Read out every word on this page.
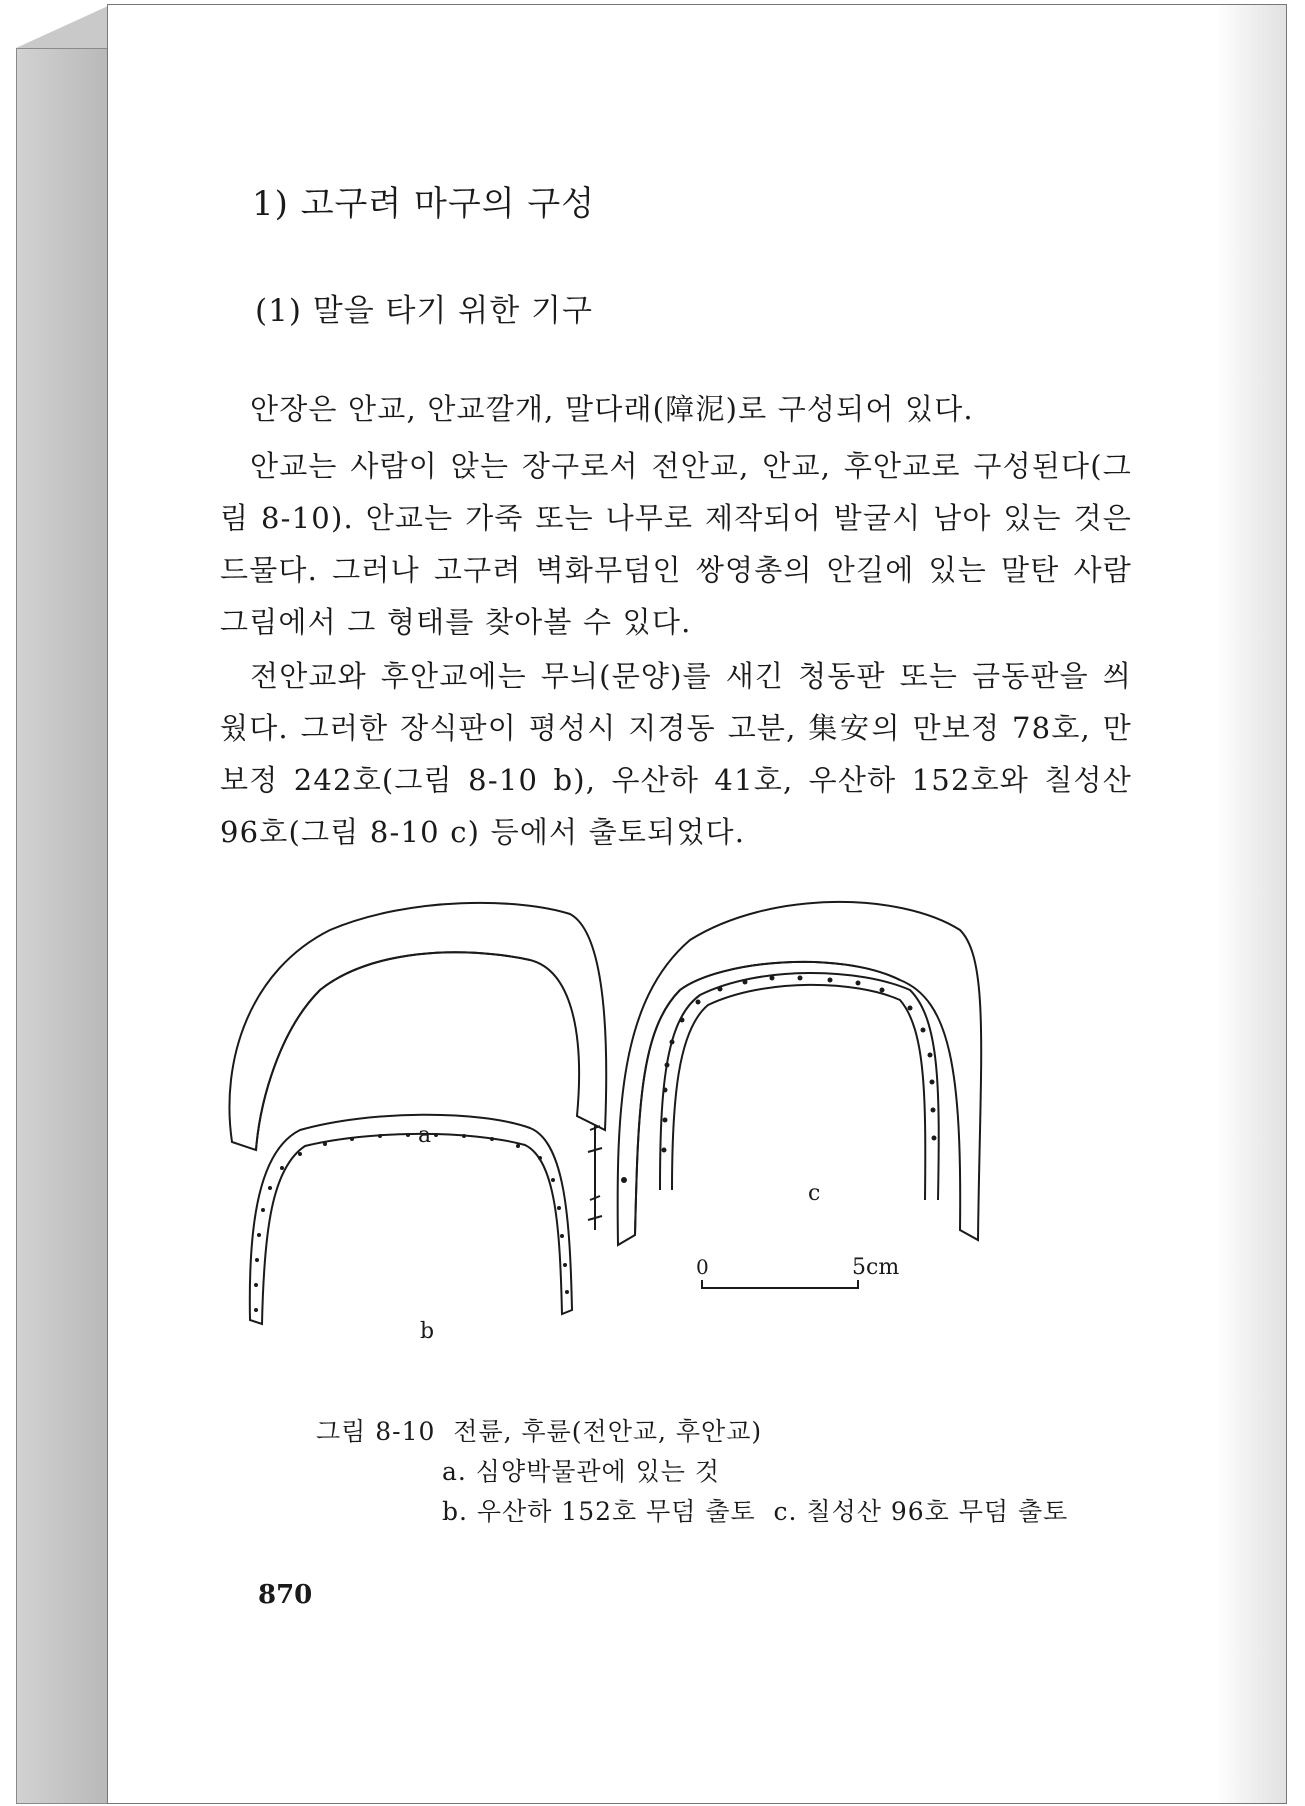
1) 고구려 마구의 구성
(1) 말을 타기 위한 기구

안장은 안교, 안교깔개, 말다래(障泥)로 구성되어 있다.

안교는 사람이 앉는 장구로서 전안교, 안교, 후안교로 구성된다(그림 8-10). 안교는 가죽 또는 나무로 제작되어 발굴시 남아 있는 것은 드물다. 그러나 고구려 벽화무덤인 쌍영총의 안길에 있는 말탄 사람 그림에서 그 형태를 찾아볼 수 있다.

전안교와 후안교에는 무늬(문양)를 새긴 청동판 또는 금동판을 씌웠다. 그러한 장식판이 평성시 지경동 고분, 集安의 만보정 78호, 만보정 242호(그림 8-10 b), 우산하 41호, 우산하 152호와 칠성산 96호(그림 8-10 c) 등에서 출토되었다.

a
b
c
0	5cm
그림 8-10  전륜, 후륜(전안교, 후안교)
a. 심양박물관에 있는 것
b. 우산하 152호 무덤 출토  c. 칠성산 96호 무덤 출토
870
